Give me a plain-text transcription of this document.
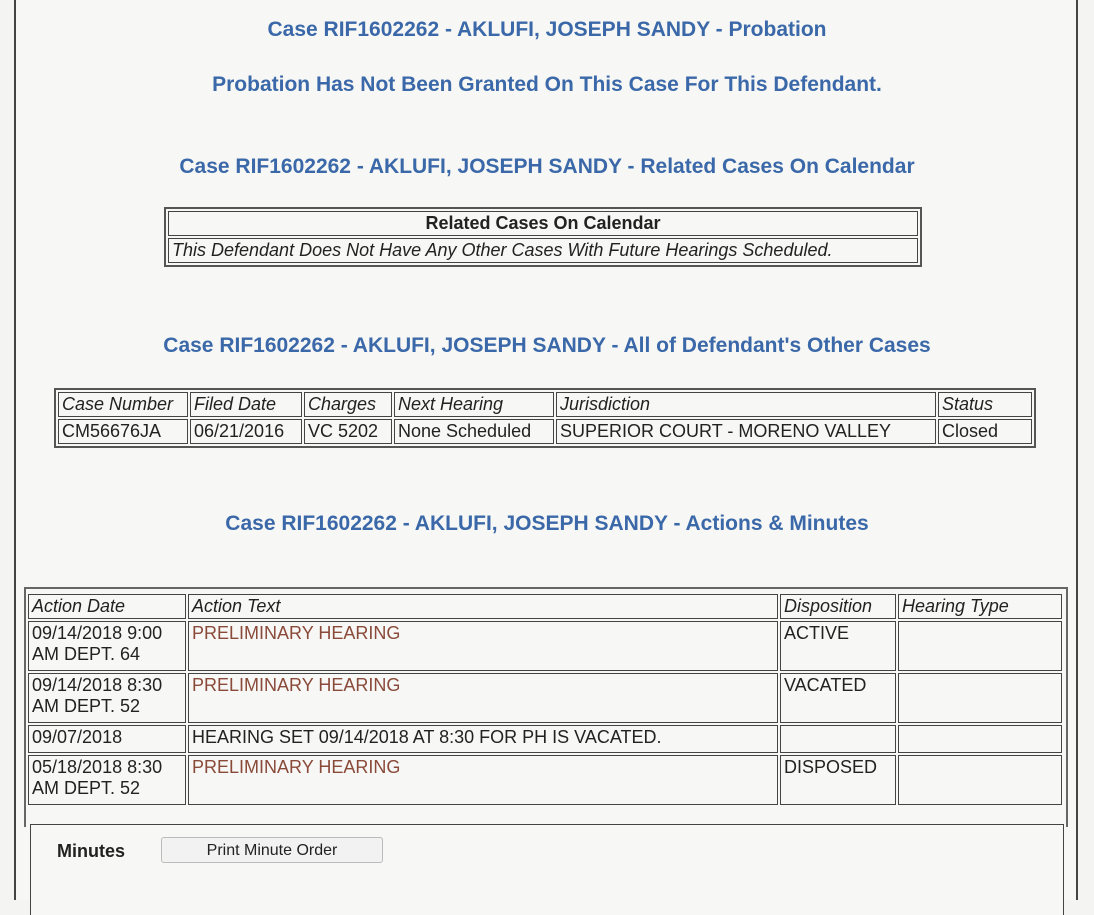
Case RIF1602262 - AKLUFI, JOSEPH SANDY - Probation
Probation Has Not Been Granted On This Case For This Defendant.
Case RIF1602262 - AKLUFI, JOSEPH SANDY - Related Cases On Calendar
Related Cases On Calendar
This Defendant Does Not Have Any Other Cases With Future Hearings Scheduled.
Case RIF1602262 - AKLUFI, JOSEPH SANDY - All of Defendant's Other Cases
Case Number	Filed Date	Charges	Next Hearing	Jurisdiction	Status
CM56676JA	06/21/2016	VC 5202	None Scheduled	SUPERIOR COURT - MORENO VALLEY	Closed
Case RIF1602262 - AKLUFI, JOSEPH SANDY - Actions & Minutes
Action Date	Action Text	Disposition	Hearing Type
09/14/2018 9:00
AM DEPT. 64	PRELIMINARY HEARING	ACTIVE	
09/14/2018 8:30
AM DEPT. 52	PRELIMINARY HEARING	VACATED	
09/07/2018	HEARING SET 09/14/2018 AT 8:30 FOR PH IS VACATED.		
05/18/2018 8:30
AM DEPT. 52	PRELIMINARY HEARING	DISPOSED	
Minutes	Print Minute Order
